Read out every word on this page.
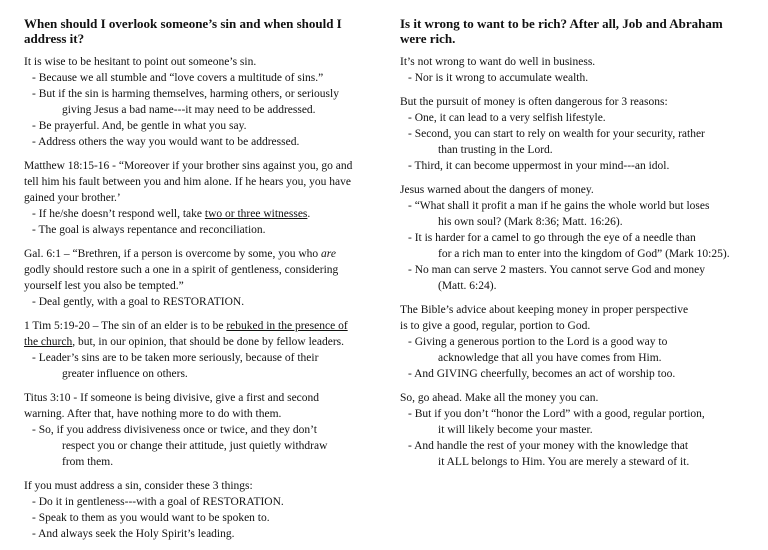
When should I overlook someone’s sin and when should I address it?

It is wise to be hesitant to point out someone’s sin.

- Because we all stumble and “love covers a multitude of sins.”

- But if the sin is harming themselves, harming others, or seriously

giving Jesus a bad name---it may need to be addressed.

- Be prayerful. And, be gentle in what you say.

- Address others the way you would want to be addressed.

Matthew 18:15-16 - “Moreover if your brother sins against you, go and

tell him his fault between you and him alone. If he hears you, you have

gained your brother.’

- If he/she doesn’t respond well, take two or three witnesses.

- The goal is always repentance and reconciliation.

Gal. 6:1 – “Brethren, if a person is overcome by some, you who are

godly should restore such a one in a spirit of gentleness, considering

yourself lest you also be tempted.”

- Deal gently, with a goal to RESTORATION.

1 Tim 5:19-20 – The sin of an elder is to be rebuked in the presence of

the church, but, in our opinion, that should be done by fellow leaders.

- Leader’s sins are to be taken more seriously, because of their

greater influence on others.

Titus 3:10 - If someone is being divisive, give a first and second

warning. After that, have nothing more to do with them.

- So, if you address divisiveness once or twice, and they don’t

respect you or change their attitude, just quietly withdraw

from them.

If you must address a sin, consider these 3 things:

- Do it in gentleness---with a goal of RESTORATION.

- Speak to them as you would want to be spoken to.

- And always seek the Holy Spirit’s leading.

Is it wrong to want to be rich? After all, Job and Abraham were rich.

It’s not wrong to want do well in business.

- Nor is it wrong to accumulate wealth.

But the pursuit of money is often dangerous for 3 reasons:

- One, it can lead to a very selfish lifestyle.

- Second, you can start to rely on wealth for your security, rather

than trusting in the Lord.

- Third, it can become uppermost in your mind---an idol.

Jesus warned about the dangers of money.

- “What shall it profit a man if he gains the whole world but loses

his own soul? (Mark 8:36; Matt. 16:26).

- It is harder for a camel to go through the eye of a needle than

for a rich man to enter into the kingdom of God” (Mark 10:25).

- No man can serve 2 masters. You cannot serve God and money

(Matt. 6:24).

The Bible’s advice about keeping money in proper perspective

is to give a good, regular, portion to God.

- Giving a generous portion to the Lord is a good way to

acknowledge that all you have comes from Him.

- And GIVING cheerfully, becomes an act of worship too.

So, go ahead. Make all the money you can.

- But if you don’t “honor the Lord” with a good, regular portion,

it will likely become your master.

- And handle the rest of your money with the knowledge that

it ALL belongs to Him. You are merely a steward of it.
